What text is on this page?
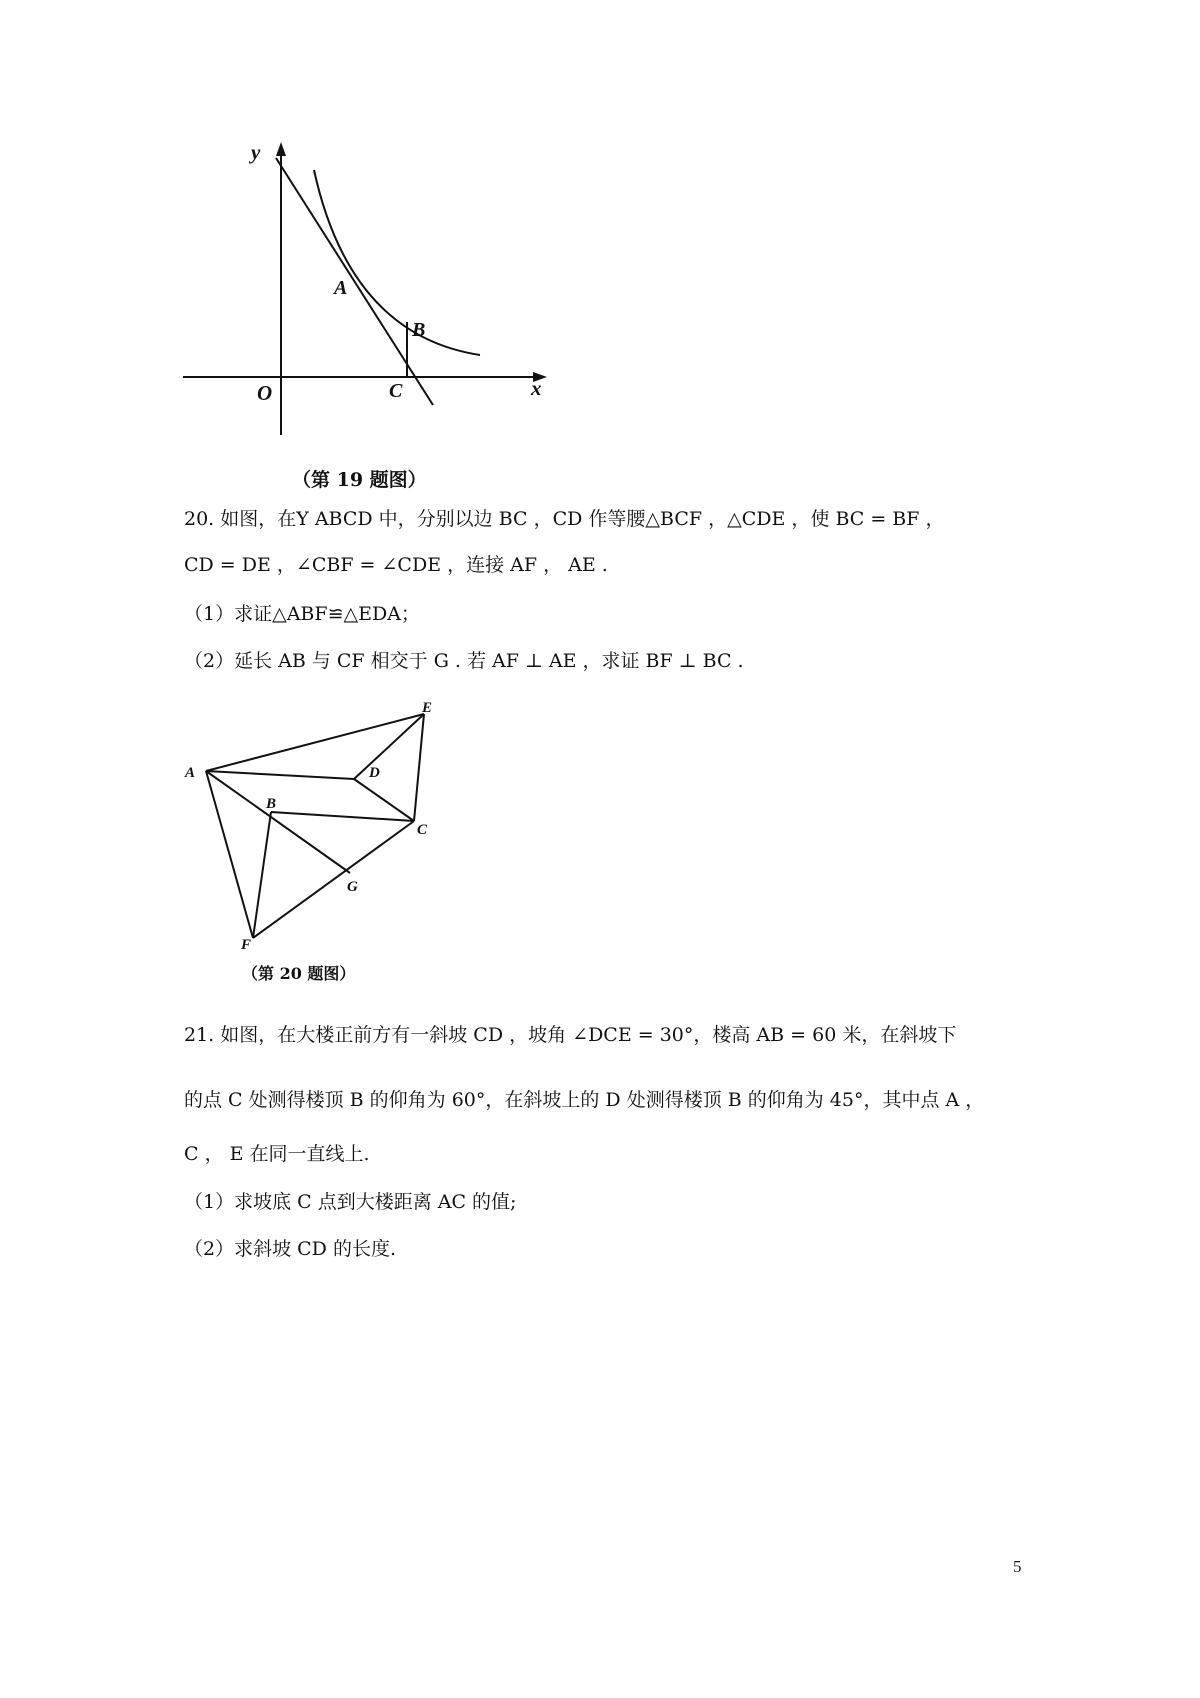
y
x
O
A
B
C
（第 19 题图）
20. 如图，在Y ABCD 中，分别以边 BC ，CD 作等腰△BCF ，△CDE ，使 BC = BF ，
CD = DE ，∠CBF = ∠CDE ，连接 AF ， AE .
（1）求证△ABF≌△EDA；
（2）延长 AB 与 CF 相交于 G . 若 AF ⊥ AE ，求证 BF ⊥ BC .
E
A	D
B
C
G
F
（第 20 题图）
21. 如图，在大楼正前方有一斜坡 CD ，坡角 ∠DCE = 30°，楼高 AB = 60 米，在斜坡下
的点 C 处测得楼顶 B 的仰角为 60°，在斜坡上的 D 处测得楼顶 B 的仰角为 45°，其中点 A ，
C ， E 在同一直线上.
（1）求坡底 C 点到大楼距离 AC 的值;
（2）求斜坡 CD 的长度.
5
